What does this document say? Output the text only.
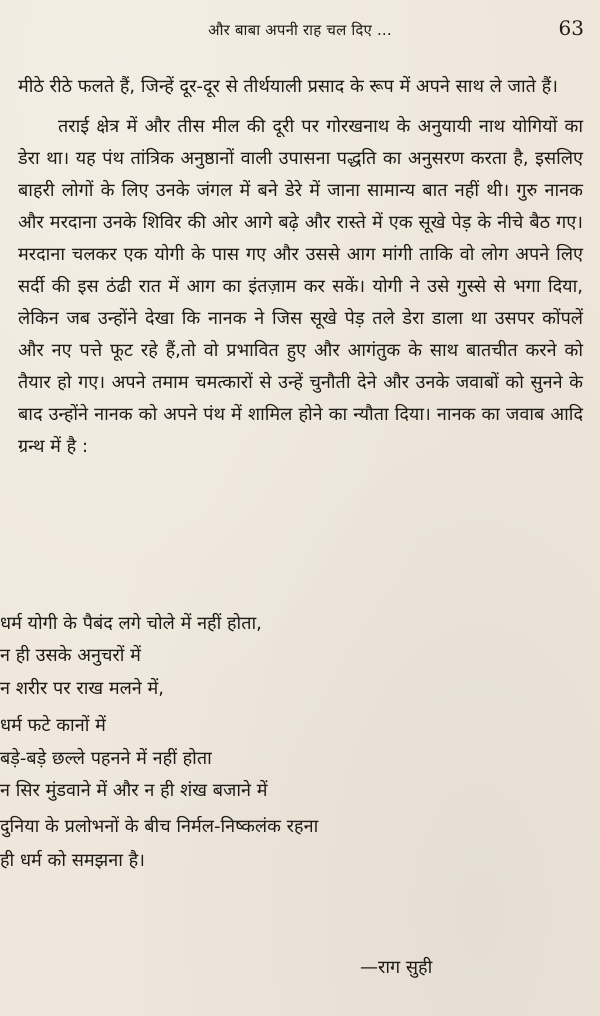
और बाबा अपनी राह चल दिए ...	63

मीठे रीठे फलते हैं, जिन्हें दूर-दूर से तीर्थयाली प्रसाद के रूप में अपने साथ ले जाते हैं।

तराई क्षेत्र में और तीस मील की दूरी पर गोरखनाथ के अनुयायी नाथ योगियों का डेरा था। यह पंथ तांत्रिक अनुष्ठानों वाली उपासना पद्धति का अनुसरण करता है, इसलिए बाहरी लोगों के लिए उनके जंगल में बने डेरे में जाना सामान्य बात नहीं थी। गुरु नानक और मरदाना उनके शिविर की ओर आगे बढ़े और रास्ते में एक सूखे पेड़ के नीचे बैठ गए। मरदाना चलकर एक योगी के पास गए और उससे आग मांगी ताकि वो लोग अपने लिए सर्दी की इस ठंढी रात में आग का इंतज़ाम कर सकें। योगी ने उसे गुस्से से भगा दिया, लेकिन जब उन्होंने देखा कि नानक ने जिस सूखे पेड़ तले डेरा डाला था उसपर कोंपलें और नए पत्ते फूट रहे हैं,तो वो प्रभावित हुए और आगंतुक के साथ बातचीत करने को तैयार हो गए। अपने तमाम चमत्कारों से उन्हें चुनौती देने और उनके जवाबों को सुनने के बाद उन्होंने नानक को अपने पंथ में शामिल होने का न्यौता दिया। नानक का जवाब आदि ग्रन्थ में है :

धर्म योगी के पैबंद लगे चोले में नहीं होता,
न ही उसके अनुचरों में
न शरीर पर राख मलने में,
धर्म फटे कानों में
बड़े-बड़े छल्ले पहनने में नहीं होता
न सिर मुंडवाने में और न ही शंख बजाने में
दुनिया के प्रलोभनों के बीच निर्मल-निष्कलंक रहना
ही धर्म को समझना है।
—राग सुही
